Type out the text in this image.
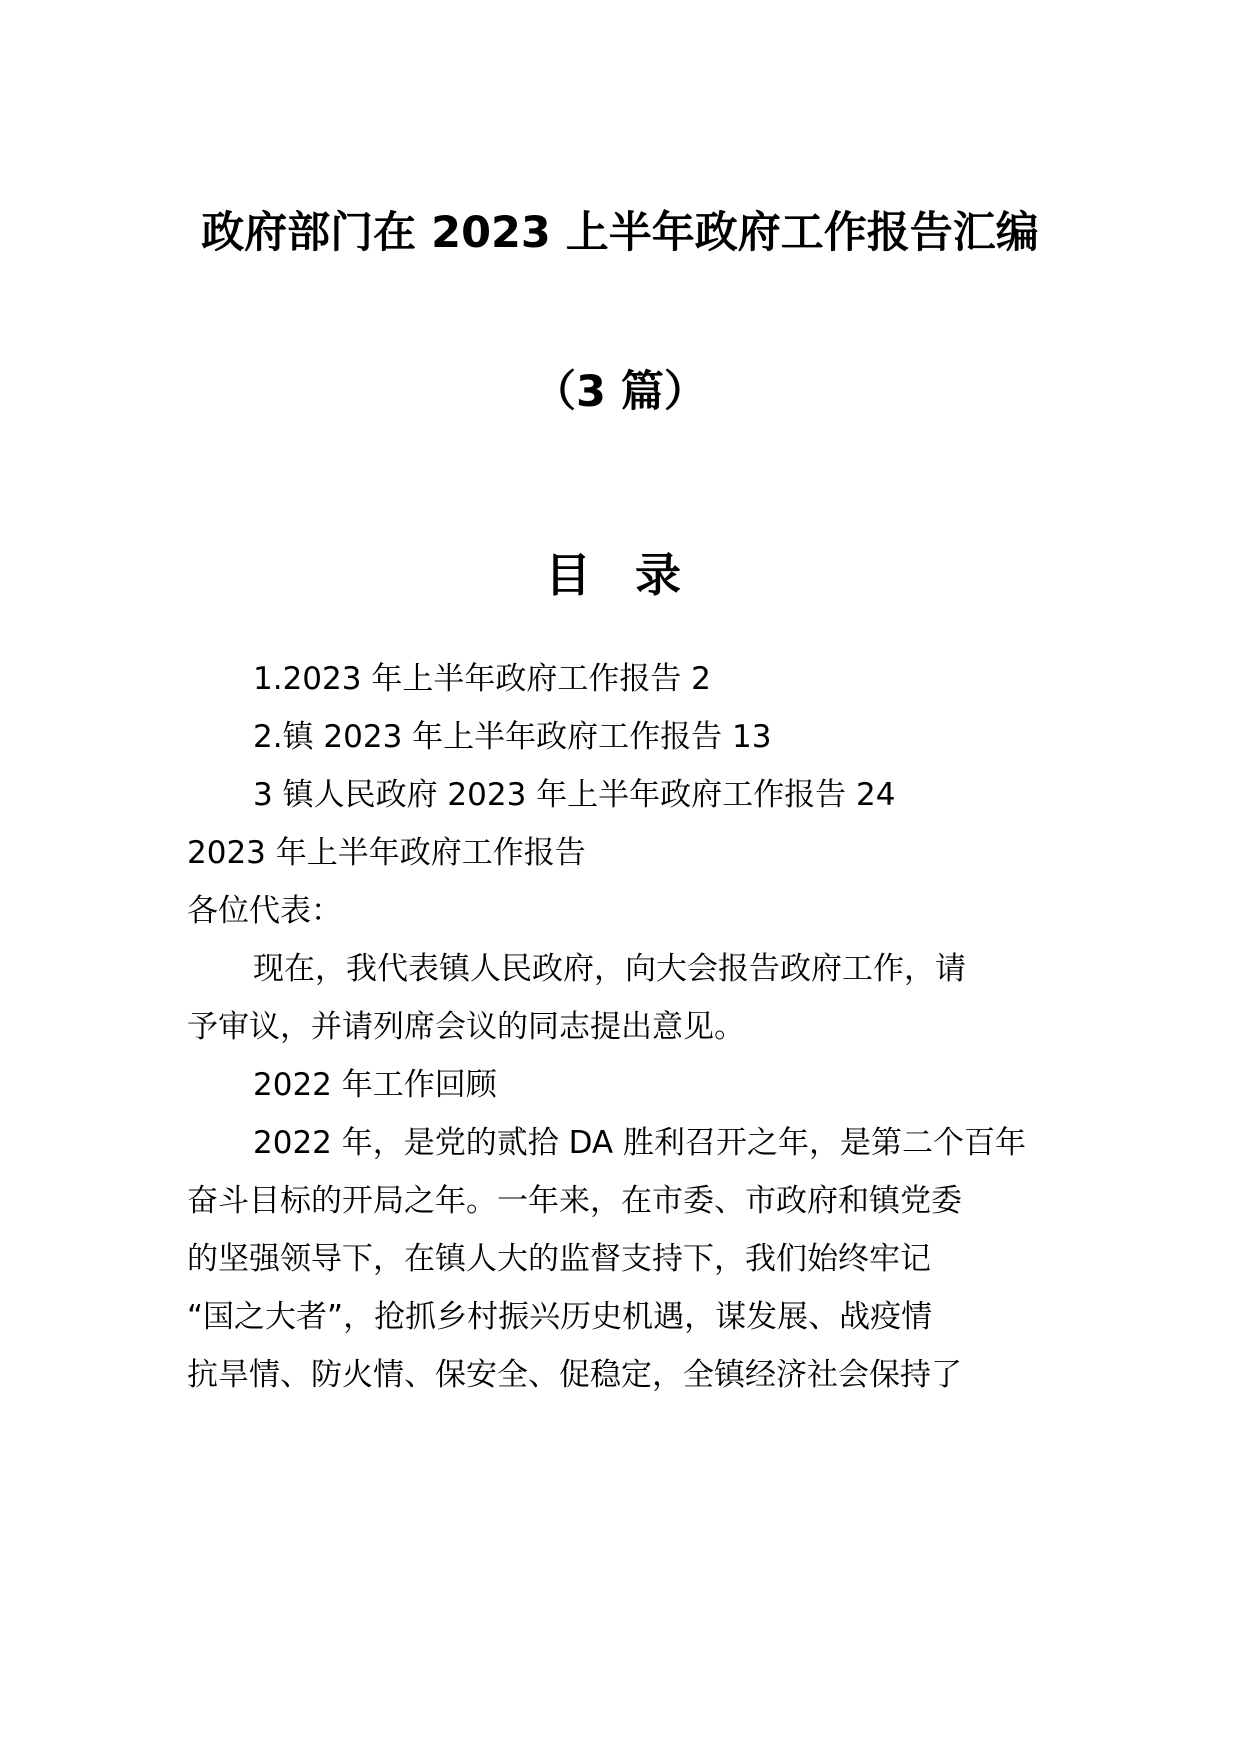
政府部门在 2023 上半年政府工作报告汇编
（3 篇）
目 录
1.2023 年上半年政府工作报告 2
2.镇 2023 年上半年政府工作报告 13
3 镇人民政府 2023 年上半年政府工作报告 24
2023 年上半年政府工作报告
各位代表：
现在，我代表镇人民政府，向大会报告政府工作，请
予审议，并请列席会议的同志提出意见。
2022 年工作回顾
2022 年，是党的贰拾 DA 胜利召开之年，是第二个百年
奋斗目标的开局之年。一年来，在市委、市政府和镇党委
的坚强领导下，在镇人大的监督支持下，我们始终牢记
“国之大者”，抢抓乡村振兴历史机遇，谋发展、战疫情
抗旱情、防火情、保安全、促稳定，全镇经济社会保持了
